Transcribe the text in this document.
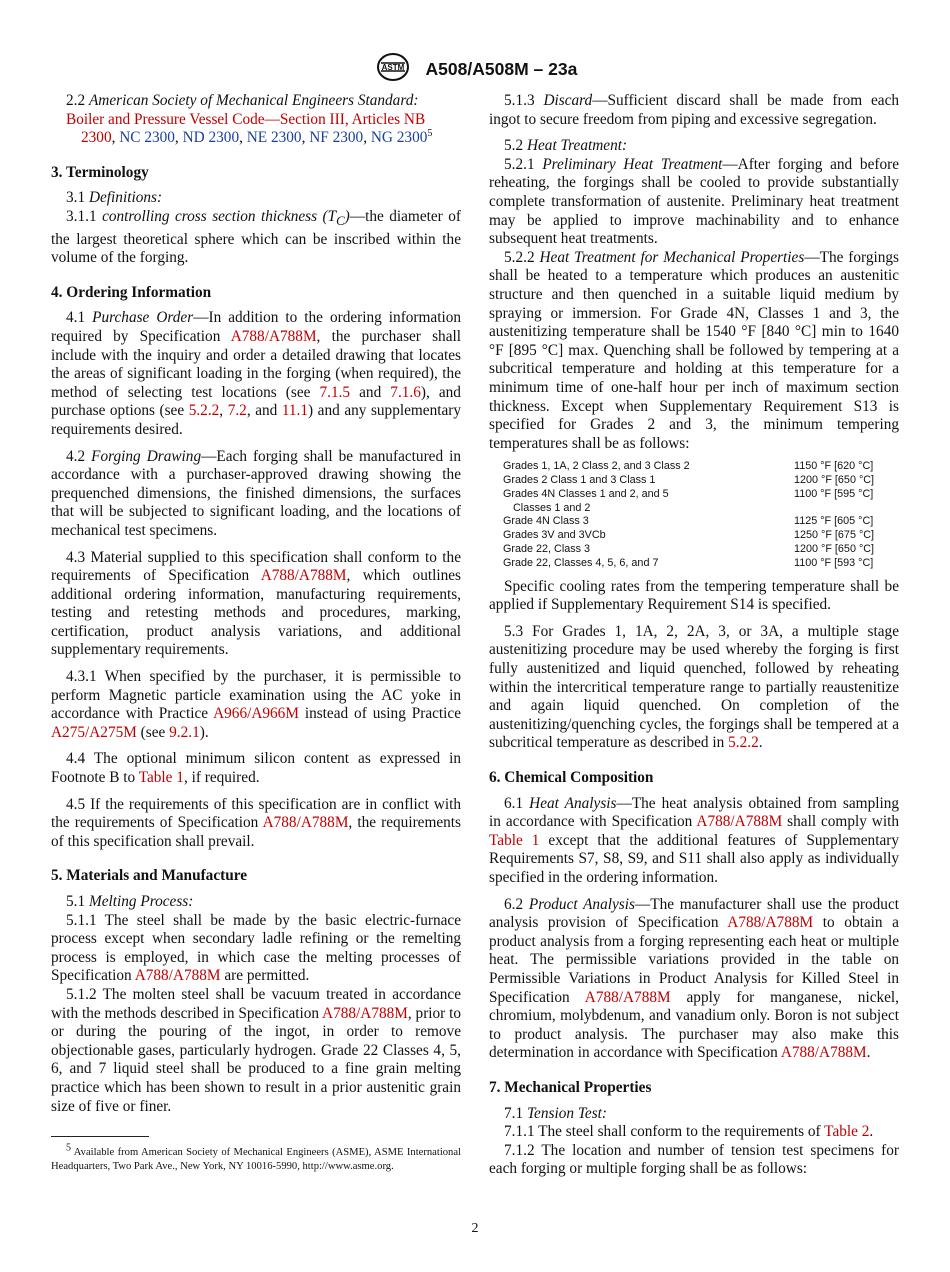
ASTM A508/A508M – 23a

2.2 American Society of Mechanical Engineers Standard:

Boiler and Pressure Vessel Code—Section III, Articles NB 2300, NC 2300, ND 2300, NE 2300, NF 2300, NG 2300$^5$

3. Terminology

3.1 Definitions:

3.1.1 controlling cross section thickness $(T_C)—the$ diameter of the largest theoretical sphere which can be inscribed within the volume of the forging.

4. Ordering Information

4.1 Purchase Order—In addition to the ordering information required by Specification A788/A788M, the purchaser shall include with the inquiry and order a detailed drawing that locates the areas of significant loading in the forging (when required), the method of selecting test locations (see 7.1.5 and 7.1.6), and purchase options (see 5.2.2, 7.2, and 11.1) and any supplementary requirements desired.

4.2 Forging Drawing—Each forging shall be manufactured in accordance with a purchaser-approved drawing showing the prequenched dimensions, the finished dimensions, the surfaces that will be subjected to significant loading, and the locations of mechanical test specimens.

4.3 Material supplied to this specification shall conform to the requirements of Specification A788/A788M, which outlines additional ordering information, manufacturing requirements, testing and retesting methods and procedures, marking, certification, product analysis variations, and additional supplementary requirements.

4.3.1 When specified by the purchaser, it is permissible to perform Magnetic particle examination using the AC yoke in accordance with Practice A966/A966M instead of using Practice A275/A275M (see 9.2.1).

4.4 The optional minimum silicon content as expressed in Footnote B to Table 1, if required.

4.5 If the requirements of this specification are in conflict with the requirements of Specification A788/A788M, the requirements of this specification shall prevail.

5. Materials and Manufacture

5.1 Melting Process:

5.1.1 The steel shall be made by the basic electric-furnace process except when secondary ladle refining or the remelting process is employed, in which case the melting processes of Specification A788/A788M are permitted.

5.1.2 The molten steel shall be vacuum treated in accordance with the methods described in Specification A788/A788M, prior to or during the pouring of the ingot, in order to remove objectionable gases, particularly hydrogen. Grade 22 Classes 4, 5, 6, and 7 liquid steel shall be produced to a fine grain melting practice which has been shown to result in a prior austenitic grain size of five or finer.

5.1.3 Discard—Sufficient discard shall be made from each ingot to secure freedom from piping and excessive segregation.

5.2 Heat Treatment:

5.2.1 Preliminary Heat Treatment—After forging and before reheating, the forgings shall be cooled to provide substantially complete transformation of austenite. Preliminary heat treatment may be applied to improve machinability and to enhance subsequent heat treatments.

5.2.2 Heat Treatment for Mechanical Properties—The forgings shall be heated to a temperature which produces an austenitic structure and then quenched in a suitable liquid medium by spraying or immersion. For Grade 4N, Classes 1 and 3, the austenitizing temperature shall be 1540 °F [840 °C] min to 1640 °F [895 °C] max. Quenching shall be followed by tempering at a subcritical temperature and holding at this temperature for a minimum time of one-half hour per inch of maximum section thickness. Except when Supplementary Requirement S13 is specified for Grades 2 and 3, the minimum tempering temperatures shall be as follows:

Grades 1, 1A, 2 Class 2, and 3 Class 2	1150 °F [620 °C]
Grades 2 Class 1 and 3 Class 1	1200 °F [650 °C]
Grades 4N Classes 1 and 2, and 5
Classes 1 and 2	1100 °F [595 °C]
Grade 4N Class 3	1125 °F [605 °C]
Grades 3V and 3VCb	1250 °F [675 °C]
Grade 22, Class 3	1200 °F [650 °C]
Grade 22, Classes 4, 5, 6, and 7	1100 °F [593 °C]

Specific cooling rates from the tempering temperature shall be applied if Supplementary Requirement S14 is specified.

5.3 For Grades 1, 1A, 2, 2A, 3, or 3A, a multiple stage austenitizing procedure may be used whereby the forging is first fully austenitized and liquid quenched, followed by reheating within the intercritical temperature range to partially reaustenitize and again liquid quenched. On completion of the austenitizing/quenching cycles, the forgings shall be tempered at a subcritical temperature as described in 5.2.2.

6. Chemical Composition

6.1 Heat Analysis—The heat analysis obtained from sampling in accordance with Specification A788/A788M shall comply with Table 1 except that the additional features of Supplementary Requirements S7, S8, S9, and S11 shall also apply as individually specified in the ordering information.

6.2 Product Analysis—The manufacturer shall use the product analysis provision of Specification A788/A788M to obtain a product analysis from a forging representing each heat or multiple heat. The permissible variations provided in the table on Permissible Variations in Product Analysis for Killed Steel in Specification A788/A788M apply for manganese, nickel, chromium, molybdenum, and vanadium only. Boron is not subject to product analysis. The purchaser may also make this determination in accordance with Specification A788/A788M.

7. Mechanical Properties

7.1 Tension Test:

7.1.1 The steel shall conform to the requirements of Table 2.

7.1.2 The location and number of tension test specimens for each forging or multiple forging shall be as follows:

$^5$ Available from American Society of Mechanical Engineers (ASME), ASME International Headquarters, Two Park Ave., New York, NY 10016-5990, http://www.asme.org.
2
